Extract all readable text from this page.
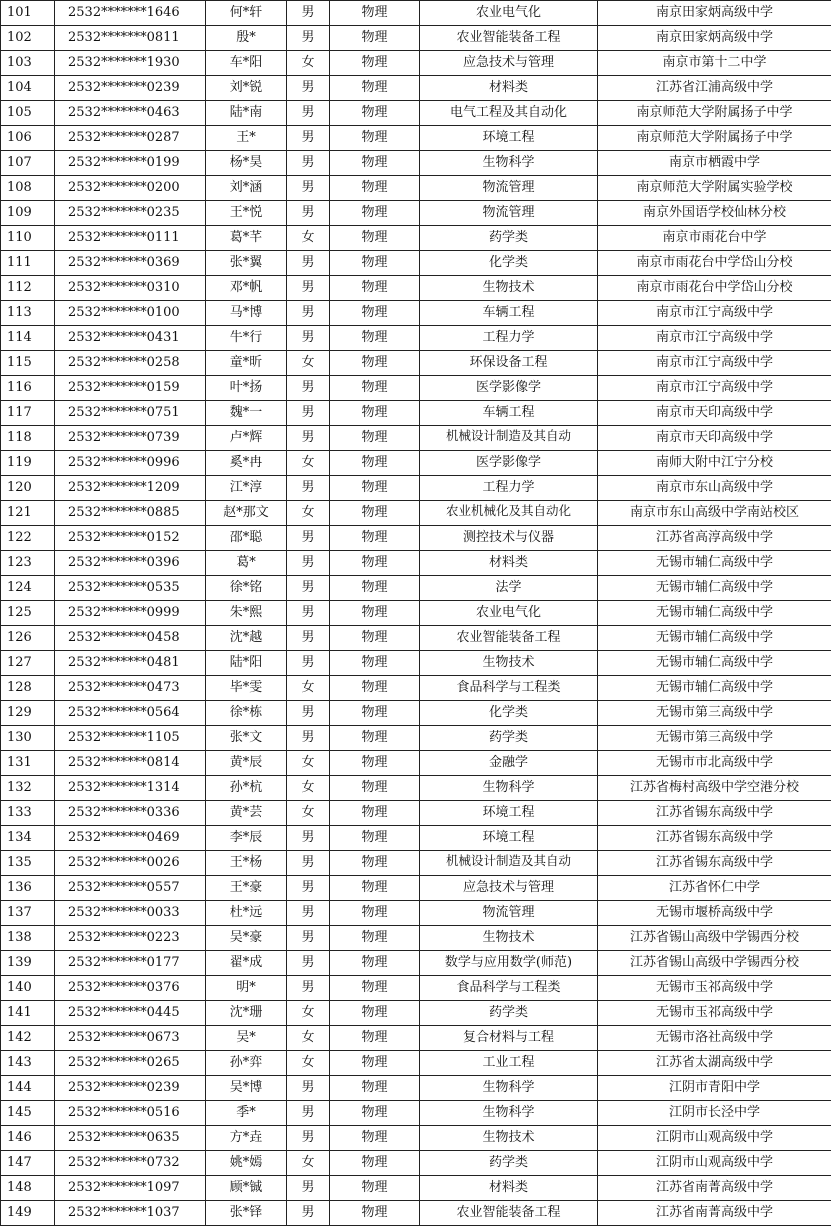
101	2532*******1646	何*轩	男	物理	农业电气化	南京田家炳高级中学
102	2532*******0811	殷*	男	物理	农业智能装备工程	南京田家炳高级中学
103	2532*******1930	车*阳	女	物理	应急技术与管理	南京市第十二中学
104	2532*******0239	刘*锐	男	物理	材料类	江苏省江浦高级中学
105	2532*******0463	陆*南	男	物理	电气工程及其自动化	南京师范大学附属扬子中学
106	2532*******0287	王*	男	物理	环境工程	南京师范大学附属扬子中学
107	2532*******0199	杨*昊	男	物理	生物科学	南京市栖霞中学
108	2532*******0200	刘*涵	男	物理	物流管理	南京师范大学附属实验学校
109	2532*******0235	王*悦	男	物理	物流管理	南京外国语学校仙林分校
110	2532*******0111	葛*芊	女	物理	药学类	南京市雨花台中学
111	2532*******0369	张*翼	男	物理	化学类	南京市雨花台中学岱山分校
112	2532*******0310	邓*帆	男	物理	生物技术	南京市雨花台中学岱山分校
113	2532*******0100	马*博	男	物理	车辆工程	南京市江宁高级中学
114	2532*******0431	牛*行	男	物理	工程力学	南京市江宁高级中学
115	2532*******0258	童*昕	女	物理	环保设备工程	南京市江宁高级中学
116	2532*******0159	叶*扬	男	物理	医学影像学	南京市江宁高级中学
117	2532*******0751	魏*一	男	物理	车辆工程	南京市天印高级中学
118	2532*******0739	卢*辉	男	物理	机械设计制造及其自动	南京市天印高级中学
119	2532*******0996	奚*冉	女	物理	医学影像学	南师大附中江宁分校
120	2532*******1209	江*淳	男	物理	工程力学	南京市东山高级中学
121	2532*******0885	赵*那文	女	物理	农业机械化及其自动化	南京市东山高级中学南站校区
122	2532*******0152	邵*聪	男	物理	测控技术与仪器	江苏省高淳高级中学
123	2532*******0396	葛*	男	物理	材料类	无锡市辅仁高级中学
124	2532*******0535	徐*铭	男	物理	法学	无锡市辅仁高级中学
125	2532*******0999	朱*熙	男	物理	农业电气化	无锡市辅仁高级中学
126	2532*******0458	沈*越	男	物理	农业智能装备工程	无锡市辅仁高级中学
127	2532*******0481	陆*阳	男	物理	生物技术	无锡市辅仁高级中学
128	2532*******0473	毕*雯	女	物理	食品科学与工程类	无锡市辅仁高级中学
129	2532*******0564	徐*栋	男	物理	化学类	无锡市第三高级中学
130	2532*******1105	张*文	男	物理	药学类	无锡市第三高级中学
131	2532*******0814	黄*辰	女	物理	金融学	无锡市市北高级中学
132	2532*******1314	孙*杭	女	物理	生物科学	江苏省梅村高级中学空港分校
133	2532*******0336	黄*芸	女	物理	环境工程	江苏省锡东高级中学
134	2532*******0469	李*辰	男	物理	环境工程	江苏省锡东高级中学
135	2532*******0026	王*杨	男	物理	机械设计制造及其自动	江苏省锡东高级中学
136	2532*******0557	王*豪	男	物理	应急技术与管理	江苏省怀仁中学
137	2532*******0033	杜*远	男	物理	物流管理	无锡市堰桥高级中学
138	2532*******0223	吴*豪	男	物理	生物技术	江苏省锡山高级中学锡西分校
139	2532*******0177	翟*成	男	物理	数学与应用数学(师范)	江苏省锡山高级中学锡西分校
140	2532*******0376	明*	男	物理	食品科学与工程类	无锡市玉祁高级中学
141	2532*******0445	沈*珊	女	物理	药学类	无锡市玉祁高级中学
142	2532*******0673	吴*	女	物理	复合材料与工程	无锡市洛社高级中学
143	2532*******0265	孙*弈	女	物理	工业工程	江苏省太湖高级中学
144	2532*******0239	吴*博	男	物理	生物科学	江阴市青阳中学
145	2532*******0516	季*	男	物理	生物科学	江阴市长泾中学
146	2532*******0635	方*垚	男	物理	生物技术	江阴市山观高级中学
147	2532*******0732	姚*嫣	女	物理	药学类	江阴市山观高级中学
148	2532*******1097	顾*铖	男	物理	材料类	江苏省南菁高级中学
149	2532*******1037	张*铎	男	物理	农业智能装备工程	江苏省南菁高级中学
